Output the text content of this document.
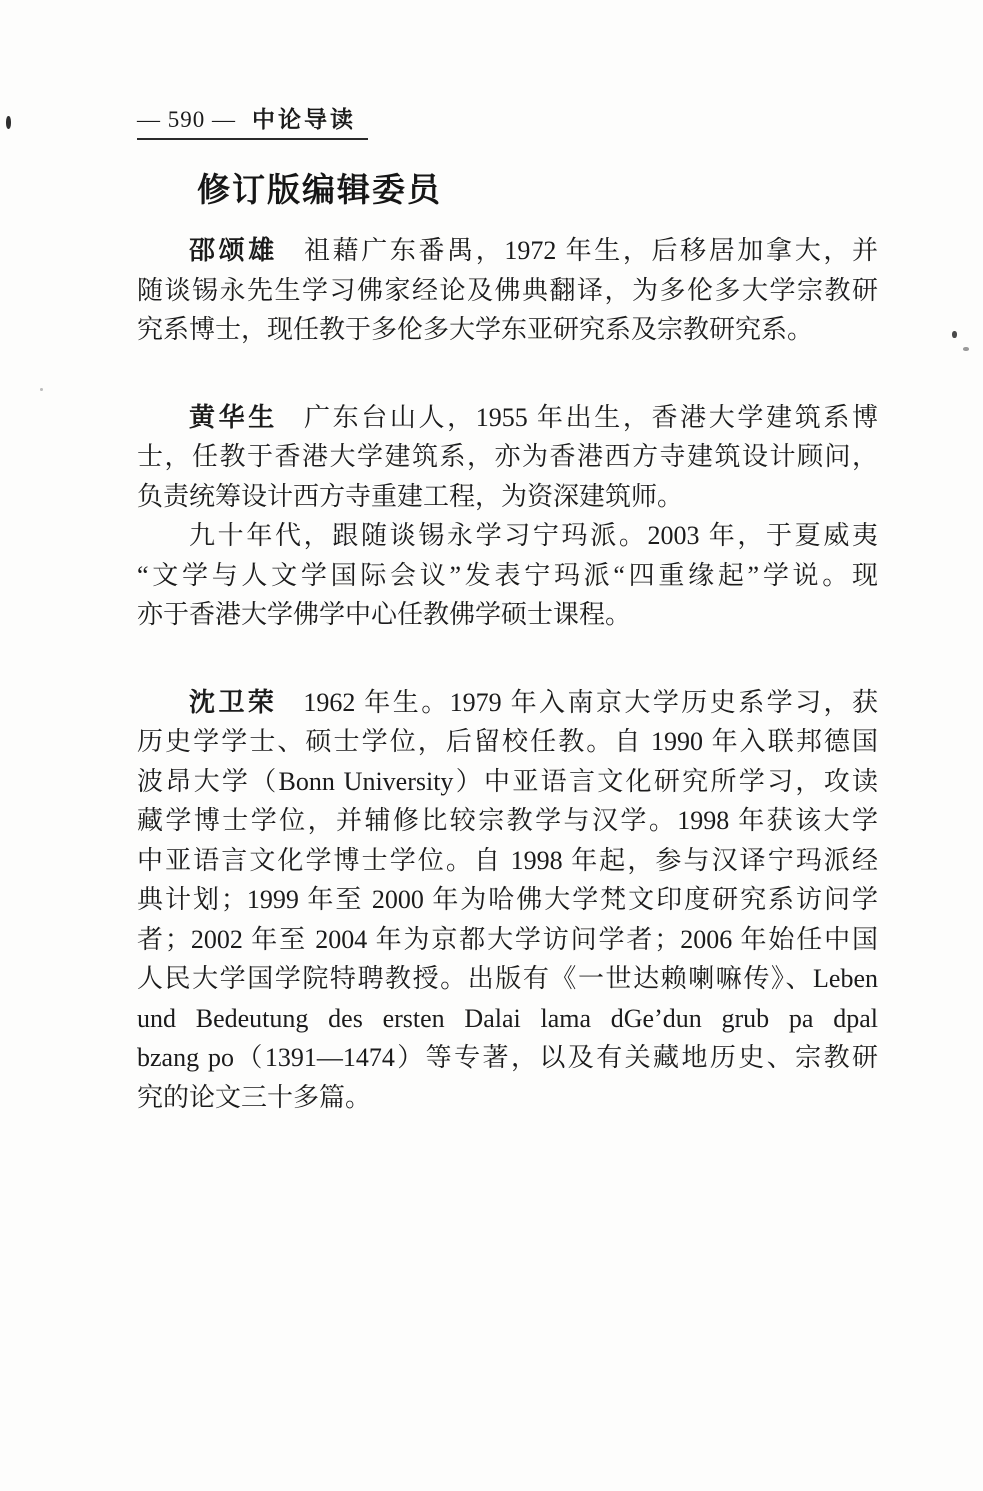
— 590 — 中论导读
修订版编辑委员
邵颂雄 祖藉广东番禺，1972 年生，后移居加拿大，并
随谈锡永先生学习佛家经论及佛典翻译，为多伦多大学宗教研
究系博士，现任教于多伦多大学东亚研究系及宗教研究系。
黄华生 广东台山人，1955 年出生，香港大学建筑系博
士，任教于香港大学建筑系，亦为香港西方寺建筑设计顾问，
负责统筹设计西方寺重建工程，为资深建筑师。
九十年代，跟随谈锡永学习宁玛派。2003 年，于夏威夷
“文学与人文学国际会议”发表宁玛派“四重缘起”学说。现
亦于香港大学佛学中心任教佛学硕士课程。
沈卫荣 1962 年生。1979 年入南京大学历史系学习，获
历史学学士、硕士学位，后留校任教。自 1990 年入联邦德国
波昂大学（Bonn University）中亚语言文化研究所学习，攻读
藏学博士学位，并辅修比较宗教学与汉学。1998 年获该大学
中亚语言文化学博士学位。自 1998 年起，参与汉译宁玛派经
典计划；1999 年至 2000 年为哈佛大学梵文印度研究系访问学
者；2002 年至 2004 年为京都大学访问学者；2006 年始任中国
人民大学国学院特聘教授。出版有《一世达赖喇嘛传》、Leben
und Bedeutung des ersten Dalai lama dGe’dun grub pa dpal
bzang po（1391—1474）等专著，以及有关藏地历史、宗教研
究的论文三十多篇。
